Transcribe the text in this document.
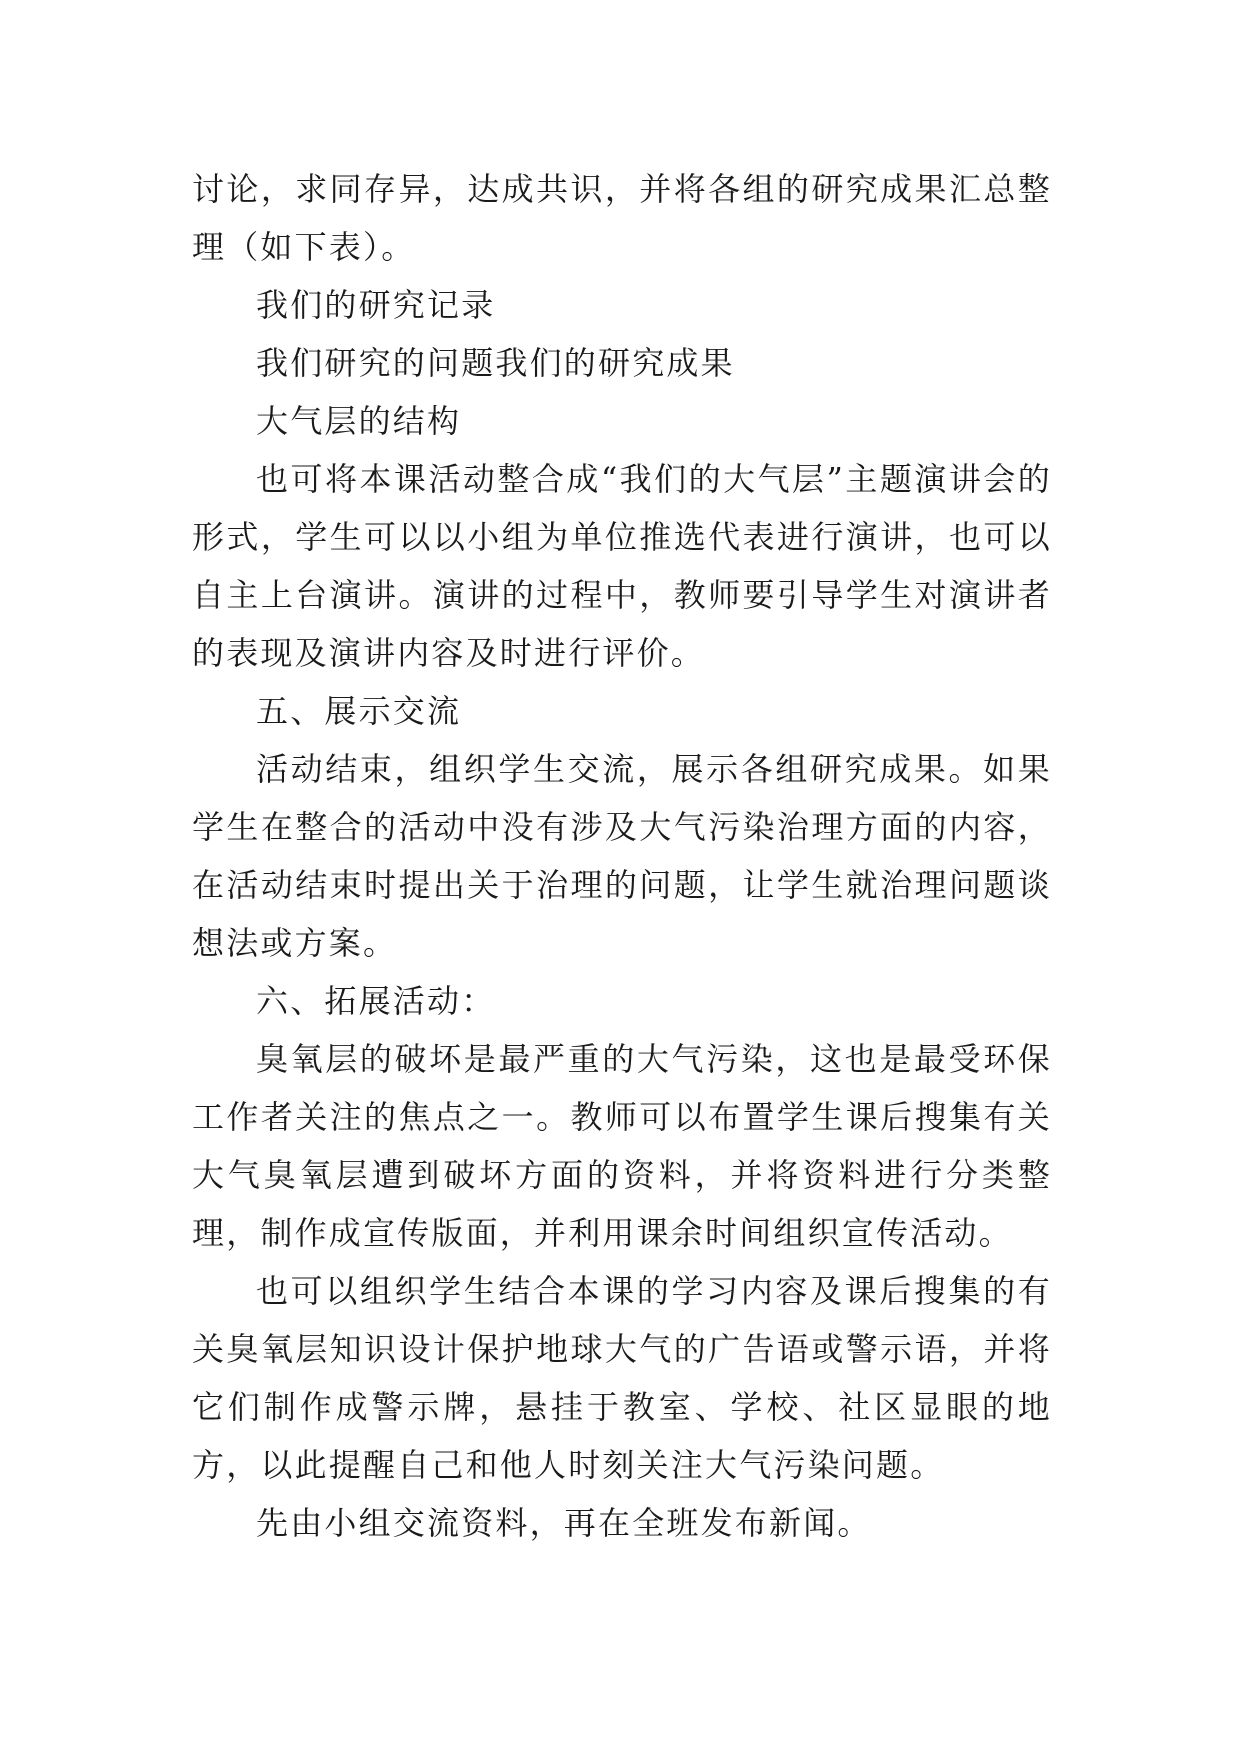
讨论，求同存异，达成共识，并将各组的研究成果汇总整理（如下表）。

我们的研究记录

我们研究的问题我们的研究成果

大气层的结构

也可将本课活动整合成“我们的大气层”主题演讲会的形式，学生可以以小组为单位推选代表进行演讲，也可以自主上台演讲。演讲的过程中，教师要引导学生对演讲者的表现及演讲内容及时进行评价。

五、展示交流

活动结束，组织学生交流，展示各组研究成果。如果学生在整合的活动中没有涉及大气污染治理方面的内容，在活动结束时提出关于治理的问题，让学生就治理问题谈想法或方案。

六、拓展活动：

臭氧层的破坏是最严重的大气污染，这也是最受环保工作者关注的焦点之一。教师可以布置学生课后搜集有关大气臭氧层遭到破坏方面的资料，并将资料进行分类整理，制作成宣传版面，并利用课余时间组织宣传活动。

也可以组织学生结合本课的学习内容及课后搜集的有关臭氧层知识设计保护地球大气的广告语或警示语，并将它们制作成警示牌，悬挂于教室、学校、社区显眼的地方，以此提醒自己和他人时刻关注大气污染问题。

先由小组交流资料，再在全班发布新闻。
